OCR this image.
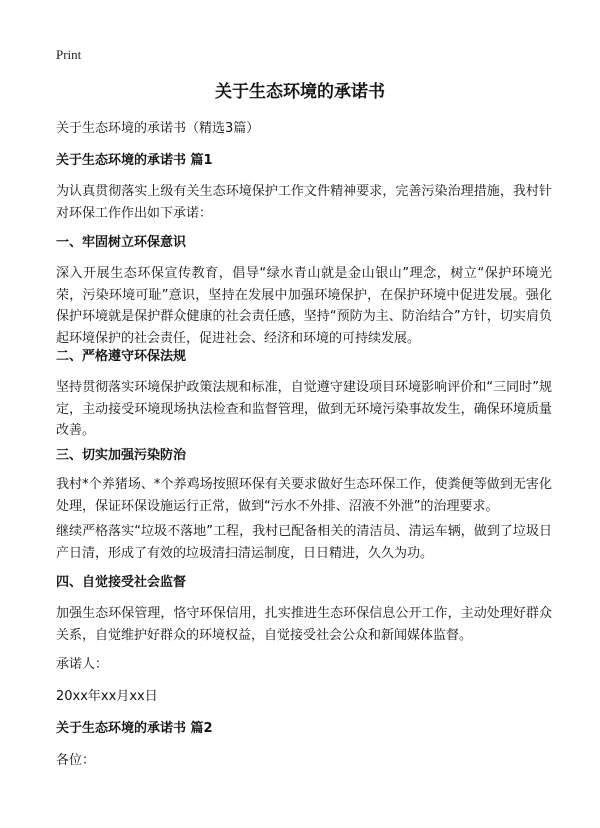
Print
关于生态环境的承诺书

关于生态环境的承诺书（精选3篇）

关于生态环境的承诺书 篇1

为认真贯彻落实上级有关生态环境保护工作文件精神要求，完善污染治理措施，我村针对环保工作作出如下承诺：

一、牢固树立环保意识

深入开展生态环保宣传教育，倡导“绿水青山就是金山银山”理念，树立“保护环境光荣，污染环境可耻”意识，坚持在发展中加强环境保护，在保护环境中促进发展。强化保护环境就是保护群众健康的社会责任感，坚持“预防为主、防治结合”方针，切实肩负起环境保护的社会责任，促进社会、经济和环境的可持续发展。

二、严格遵守环保法规

坚持贯彻落实环境保护政策法规和标准，自觉遵守建设项目环境影响评价和“三同时”规定，主动接受环境现场执法检查和监督管理，做到无环境污染事故发生，确保环境质量改善。

三、切实加强污染防治

我村*个养猪场、*个养鸡场按照环保有关要求做好生态环保工作，使粪便等做到无害化处理，保证环保设施运行正常，做到“污水不外排、沼液不外泄”的治理要求。

继续严格落实“垃圾不落地”工程，我村已配备相关的清洁员、清运车辆，做到了垃圾日产日清，形成了有效的垃圾清扫清运制度，日日精进，久久为功。

四、自觉接受社会监督

加强生态环保管理，恪守环保信用，扎实推进生态环保信息公开工作，主动处理好群众关系，自觉维护好群众的环境权益，自觉接受社会公众和新闻媒体监督。

承诺人：

20xx年xx月xx日

关于生态环境的承诺书 篇2

各位：
